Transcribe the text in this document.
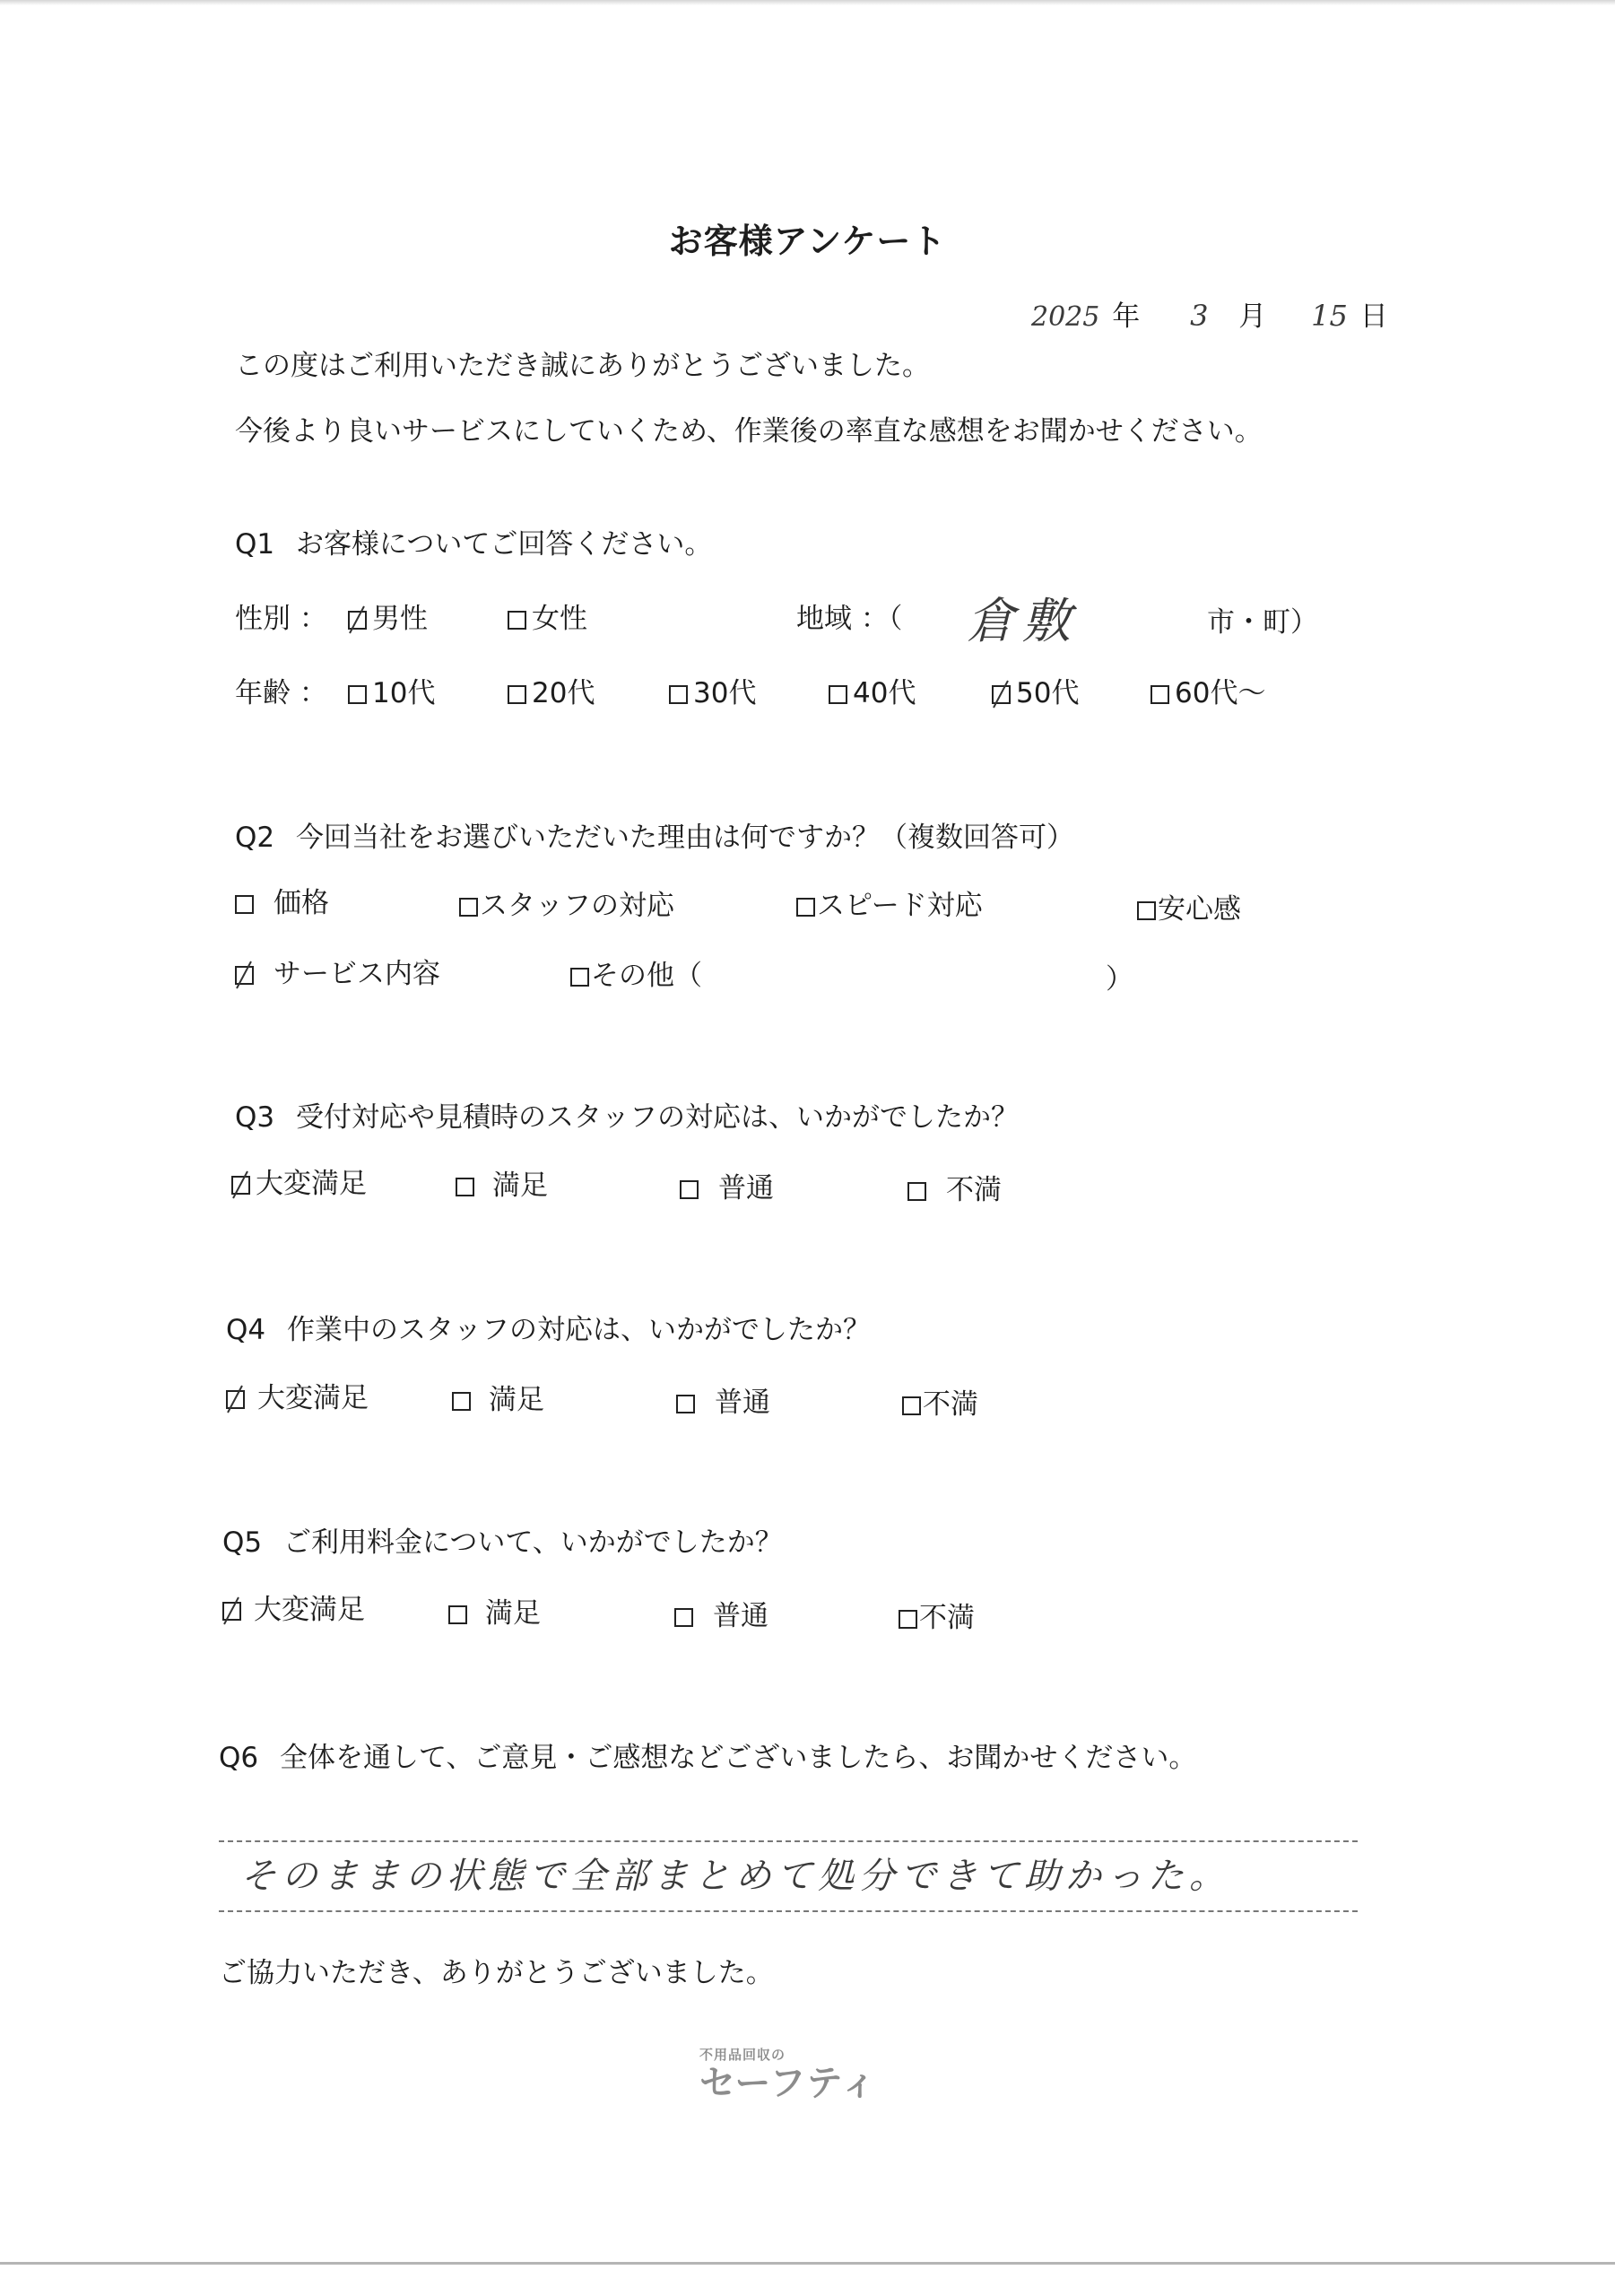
お客様アンケート
2025 年 3 月 15 日
この度はご利用いただき誠にありがとうございました。
今後より良いサービスにしていくため、作業後の率直な感想をお聞かせください。
Q1 お客様についてご回答ください。
性別 ：	男性	女性	地域 ：（ 倉敷	市・町）
年齢 ：	10代	20代	30代	40代	50代	60代～
Q2 今回当社をお選びいただいた理由は何ですか？（複数回答可）
価格	スタッフの対応	スピード対応	安心感
サービス内容	その他（	）
Q3 受付対応や見積時のスタッフの対応は、いかがでしたか？
大変満足	満足	普通	不満
Q4 作業中のスタッフの対応は、いかがでしたか？
大変満足	満足	普通	不満
Q5 ご利用料金について、いかがでしたか？
大変満足	満足	普通	不満
Q6 全体を通して、ご意見・ご感想などございましたら、お聞かせください。
そのままの状態で全部まとめて処分できて助かった。
ご協力いただき、ありがとうございました。
不用品回収の
セーフティ
